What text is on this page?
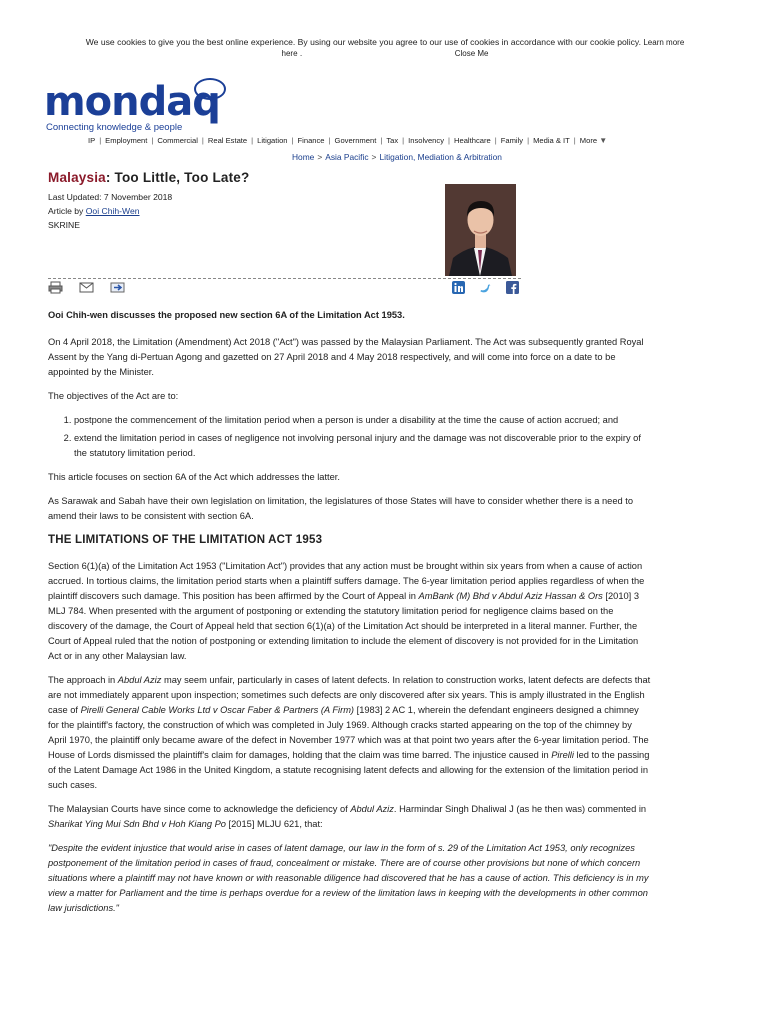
We use cookies to give you the best online experience. By using our website you agree to our use of cookies in accordance with our cookie policy. Learn more
here .	Close Me
mondaq
Connecting knowledge & people
IP | Employment | Commercial | Real Estate | Litigation | Finance | Government | Tax | Insolvency | Healthcare | Family | Media & IT | More ▼
Home > Asia Pacific > Litigation, Mediation & Arbitration
Malaysia: Too Little, Too Late?
Last Updated: 7 November 2018
Article by Ooi Chih-Wen
SKRINE

Ooi Chih-wen discusses the proposed new section 6A of the Limitation Act 1953.

On 4 April 2018, the Limitation (Amendment) Act 2018 ("Act") was passed by the Malaysian Parliament. The Act was subsequently granted Royal Assent by the Yang di-Pertuan Agong and gazetted on 27 April 2018 and 4 May 2018 respectively, and will come into force on a date to be appointed by the Minister.

The objectives of the Act are to:

1. postpone the commencement of the limitation period when a person is under a disability at the time the cause of action accrued; and
2. extend the limitation period in cases of negligence not involving personal injury and the damage was not discoverable prior to the expiry of the statutory limitation period.

This article focuses on section 6A of the Act which addresses the latter.

As Sarawak and Sabah have their own legislation on limitation, the legislatures of those States will have to consider whether there is a need to amend their laws to be consistent with section 6A.

THE LIMITATIONS OF THE LIMITATION ACT 1953

Section 6(1)(a) of the Limitation Act 1953 ("Limitation Act") provides that any action must be brought within six years from when a cause of action accrued. In tortious claims, the limitation period starts when a plaintiff suffers damage. The 6-year limitation period applies regardless of when the plaintiff discovers such damage. This position has been affirmed by the Court of Appeal in AmBank (M) Bhd v Abdul Aziz Hassan & Ors [2010] 3 MLJ 784. When presented with the argument of postponing or extending the statutory limitation period for negligence claims based on the discovery of the damage, the Court of Appeal held that section 6(1)(a) of the Limitation Act should be interpreted in a literal manner. Further, the Court of Appeal ruled that the notion of postponing or extending limitation to include the element of discovery is not provided for in the Limitation Act or in any other Malaysian law.

The approach in Abdul Aziz may seem unfair, particularly in cases of latent defects. In relation to construction works, latent defects are defects that are not immediately apparent upon inspection; sometimes such defects are only discovered after six years. This is amply illustrated in the English case of Pirelli General Cable Works Ltd v Oscar Faber & Partners (A Firm) [1983] 2 AC 1, wherein the defendant engineers designed a chimney for the plaintiff's factory, the construction of which was completed in July 1969. Although cracks started appearing on the top of the chimney by April 1970, the plaintiff only became aware of the defect in November 1977 which was at that point two years after the 6-year limitation period. The House of Lords dismissed the plaintiff's claim for damages, holding that the claim was time barred. The injustice caused in Pirelli led to the passing of the Latent Damage Act 1986 in the United Kingdom, a statute recognising latent defects and allowing for the extension of the limitation period in such cases.

The Malaysian Courts have since come to acknowledge the deficiency of Abdul Aziz. Harmindar Singh Dhaliwal J (as he then was) commented in Sharikat Ying Mui Sdn Bhd v Hoh Kiang Po [2015] MLJU 621, that:

"Despite the evident injustice that would arise in cases of latent damage, our law in the form of s. 29 of the Limitation Act 1953, only recognizes postponement of the limitation period in cases of fraud, concealment or mistake. There are of course other provisions but none of which concern situations where a plaintiff may not have known or with reasonable diligence had discovered that he has a cause of action. This deficiency is in my view a matter for Parliament and the time is perhaps overdue for a review of the limitation laws in keeping with the developments in other common law jurisdictions."
